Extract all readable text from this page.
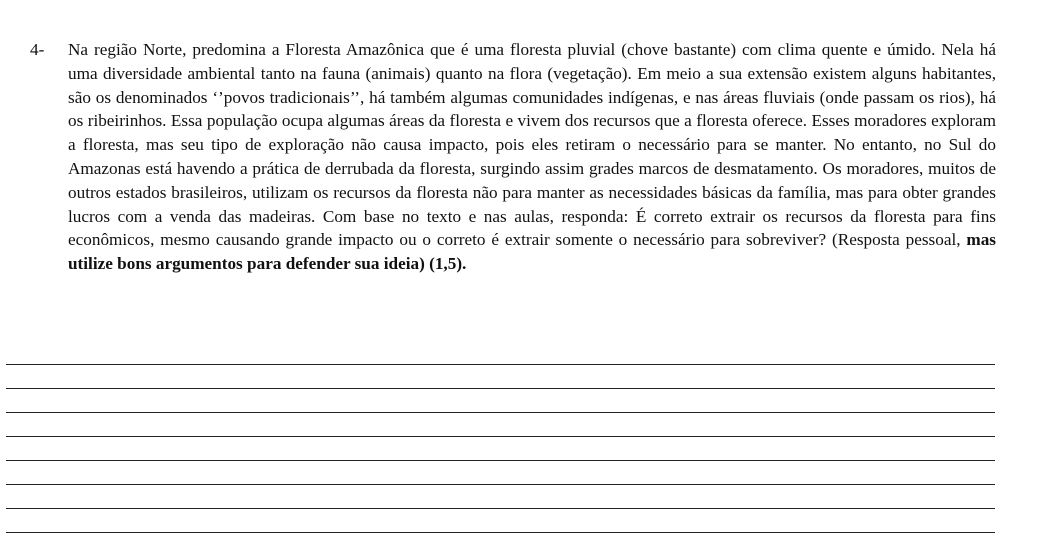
4-	Na região Norte, predomina a Floresta Amazônica que é uma floresta pluvial (chove bastante) com clima quente e úmido. Nela há uma diversidade ambiental tanto na fauna (animais) quanto na flora (vegetação). Em meio a sua extensão existem alguns habitantes, são os denominados ‘’povos tradicionais’’, há também algumas comunidades indígenas, e nas áreas fluviais (onde passam os rios), há os ribeirinhos. Essa população ocupa algumas áreas da floresta e vivem dos recursos que a floresta oferece. Esses moradores exploram a floresta, mas seu tipo de exploração não causa impacto, pois eles retiram o necessário para se manter. No entanto, no Sul do Amazonas está havendo a prática de derrubada da floresta, surgindo assim grades marcos de desmatamento. Os moradores, muitos de outros estados brasileiros, utilizam os recursos da floresta não para manter as necessidades básicas da família, mas para obter grandes lucros com a venda das madeiras. Com base no texto e nas aulas, responda: É correto extrair os recursos da floresta para fins econômicos, mesmo causando grande impacto ou o correto é extrair somente o necessário para sobreviver? (Resposta pessoal, mas utilize bons argumentos para defender sua ideia) (1,5).
